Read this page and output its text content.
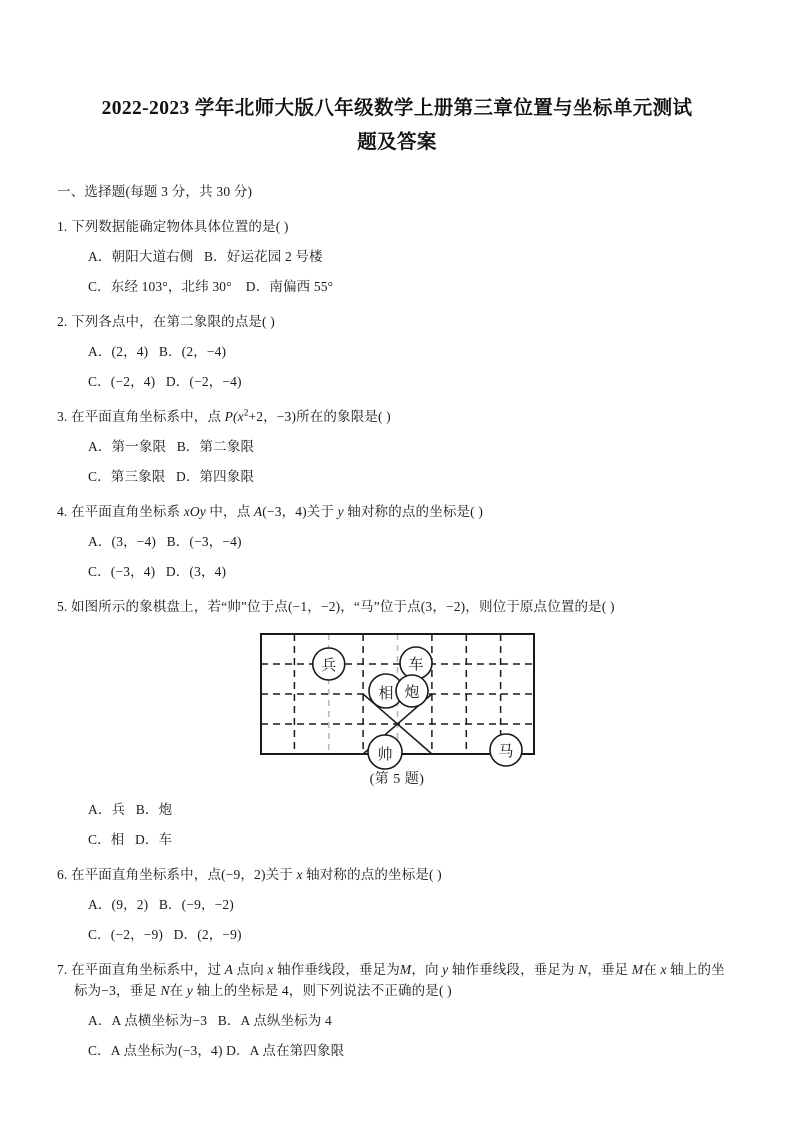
2022-2023 学年北师大版八年级数学上册第三章位置与坐标单元测试
题及答案
一、选择题(每题 3 分，共 30 分)
1. 下列数据能确定物体具体位置的是( )
A．朝阳大道右侧   B．好运花园 2 号楼
C．东经 103°，北纬 30°    D．南偏西 55°
2. 下列各点中，在第二象限的点是( )
A．(2，4)   B．(2，−4)
C．(−2，4)   D．(−2，−4)
3. 在平面直角坐标系中，点 $P(x^2+2$，−3)所在的象限是( )
A．第一象限   B．第二象限
C．第三象限   D．第四象限
4. 在平面直角坐标系 xOy 中，点 A(−3，4)关于 y 轴对称的点的坐标是( )
A．(3，−4)   B．(−3，−4)
C．(−3，4)   D．(3，4)
5. 如图所示的象棋盘上，若“帅”位于点(−1，−2)，“马”位于点(3，−2)，则位于原点位置的是( )
兵	车
相 炮
帅	马
(第 5 题)
A．兵   B．炮
C．相   D．车
6. 在平面直角坐标系中，点(−9，2)关于 x 轴对称的点的坐标是( )
A．(9，2)   B．(−9，−2)
C．(−2，−9)   D．(2，−9)
7. 在平面直角坐标系中，过 A 点向 x 轴作垂线段，垂足为M，向 y 轴作垂线段，垂足为 N，垂足 M在 x 轴上的坐标为−3，垂足 N在 y 轴上的坐标是 4，则下列说法不正确的是( )
A．A 点横坐标为−3   B．A 点纵坐标为 4
C．A 点坐标为(−3，4) D．A 点在第四象限
